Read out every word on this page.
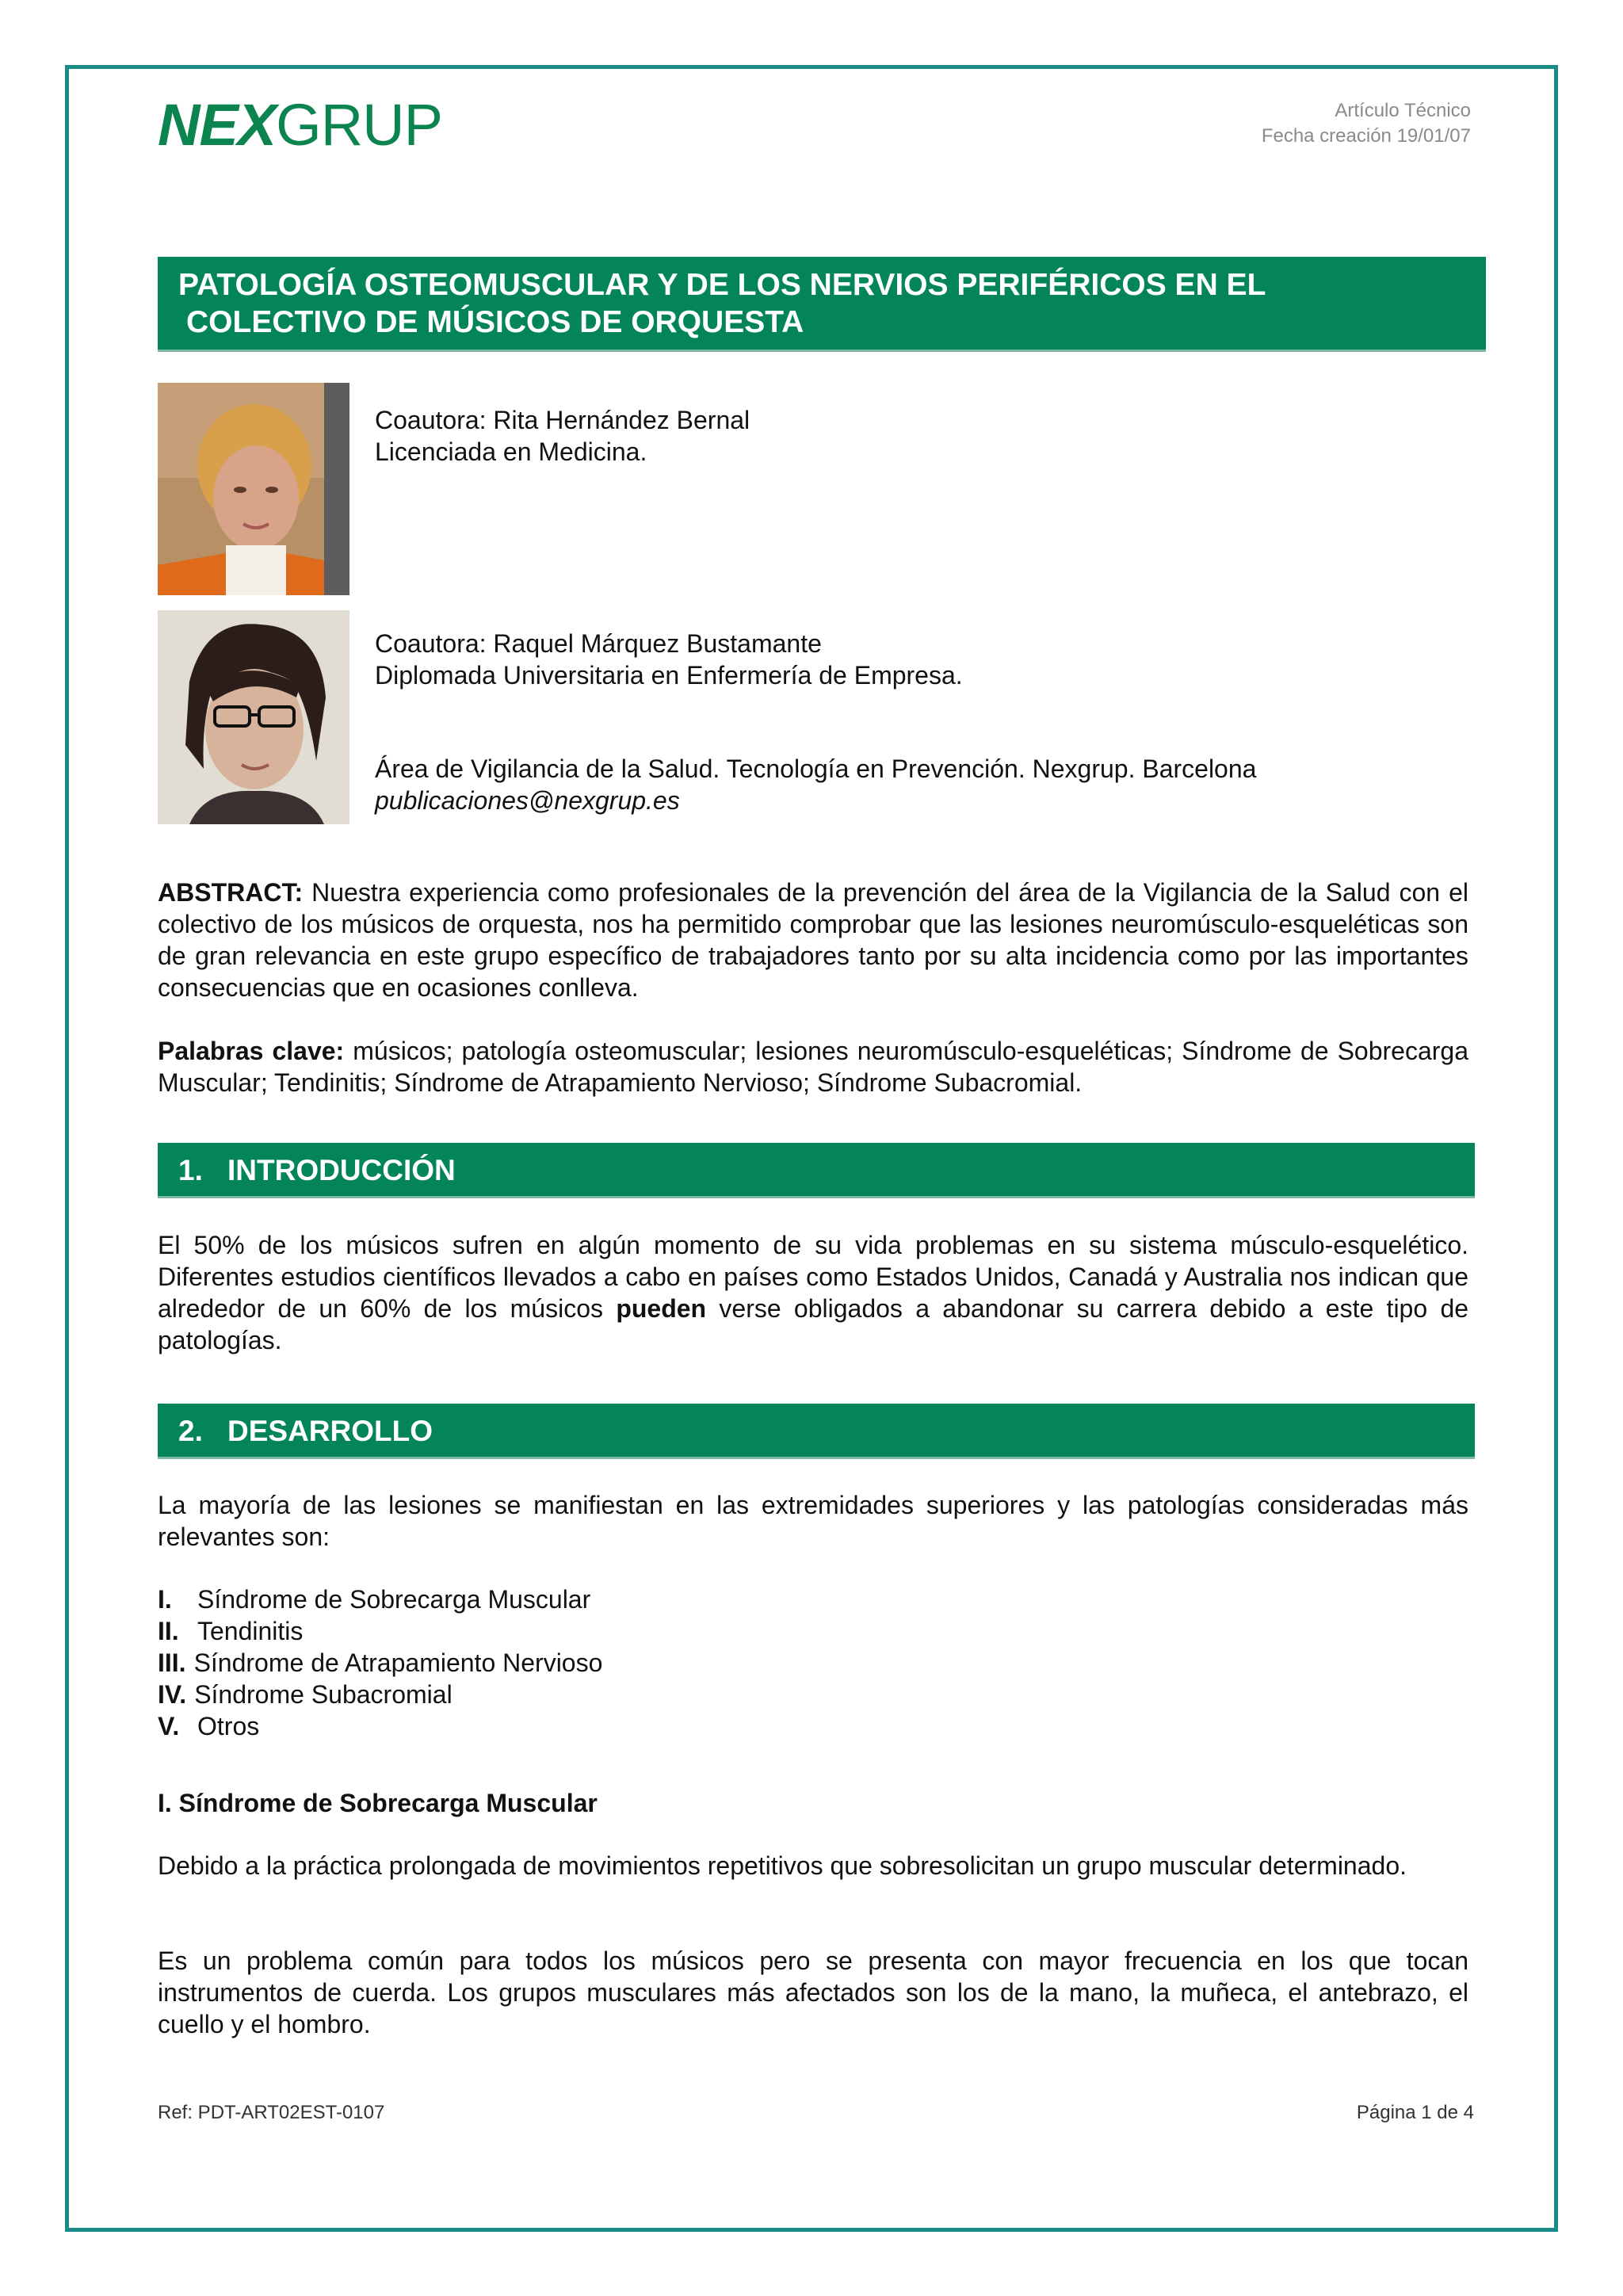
NEXGRUP	Artículo Técnico
Fecha creación 19/01/07
PATOLOGÍA OSTEOMUSCULAR Y DE LOS NERVIOS PERIFÉRICOS EN EL
COLECTIVO DE MÚSICOS DE ORQUESTA
Coautora: Rita Hernández Bernal
Licenciada en Medicina.
Coautora: Raquel Márquez Bustamante
Diplomada Universitaria en Enfermería de Empresa.
Área de Vigilancia de la Salud. Tecnología en Prevención. Nexgrup. Barcelona
publicaciones@nexgrup.es
ABSTRACT: Nuestra experiencia como profesionales de la prevención del área de la Vigilancia de la Salud con el colectivo de los músicos de orquesta, nos ha permitido comprobar que las lesiones neuromúsculo-esqueléticas son de gran relevancia en este grupo específico de trabajadores tanto por su alta incidencia como por las importantes consecuencias que en ocasiones conlleva.
Palabras clave: músicos; patología osteomuscular; lesiones neuromúsculo-esqueléticas; Síndrome de Sobrecarga Muscular; Tendinitis; Síndrome de Atrapamiento Nervioso; Síndrome Subacromial.
1. INTRODUCCIÓN
El 50% de los músicos sufren en algún momento de su vida problemas en su sistema músculo-esquelético. Diferentes estudios científicos llevados a cabo en países como Estados Unidos, Canadá y Australia nos indican que alrededor de un 60% de los músicos pueden verse obligados a abandonar su carrera debido a este tipo de patologías.
2. DESARROLLO
La mayoría de las lesiones se manifiestan en las extremidades superiores y las patologías consideradas más relevantes son:
I. Síndrome de Sobrecarga Muscular
II. Tendinitis
III. Síndrome de Atrapamiento Nervioso
IV. Síndrome Subacromial
V. Otros
I. Síndrome de Sobrecarga Muscular
Debido a la práctica prolongada de movimientos repetitivos que sobresolicitan un grupo muscular determinado.
Es un problema común para todos los músicos pero se presenta con mayor frecuencia en los que tocan instrumentos de cuerda. Los grupos musculares más afectados son los de la mano, la muñeca, el antebrazo, el cuello y el hombro.
Ref: PDT-ART02EST-0107	Página 1 de 4
